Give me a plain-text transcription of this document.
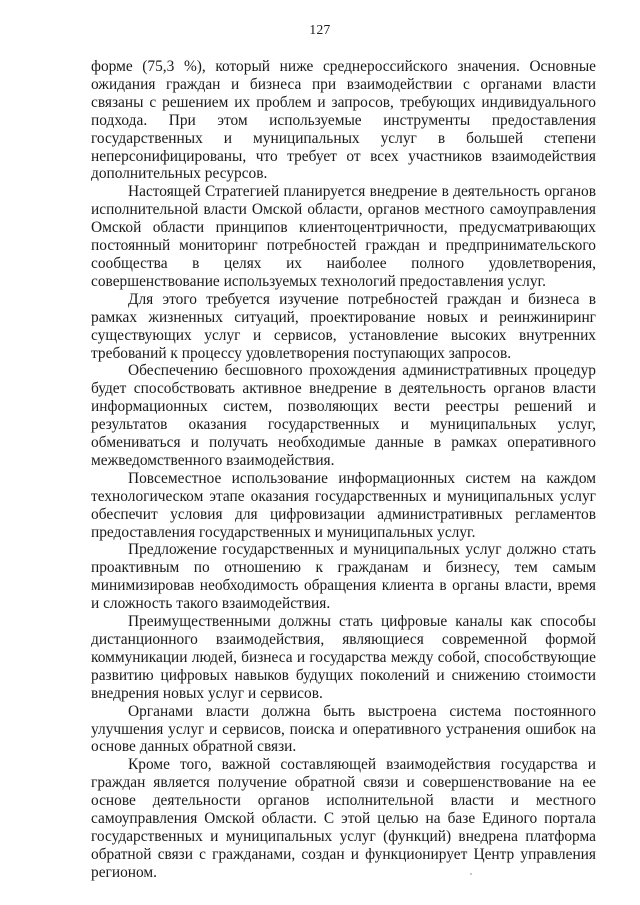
127

форме (75,3 %), который ниже среднероссийского значения. Основные ожидания граждан и бизнеса при взаимодействии с органами власти связаны с решением их проблем и запросов, требующих индивидуального подхода. При этом используемые инструменты предоставления государственных и муниципальных услуг в большей степени неперсонифицированы, что требует от всех участников взаимодействия дополнительных ресурсов.

Настоящей Стратегией планируется внедрение в деятельность органов исполнительной власти Омской области, органов местного самоуправления Омской области принципов клиентоцентричности, предусматривающих постоянный мониторинг потребностей граждан и предпринимательского сообщества в целях их наиболее полного удовлетворения, совершенствование используемых технологий предоставления услуг.

Для этого требуется изучение потребностей граждан и бизнеса в рамках жизненных ситуаций, проектирование новых и реинжиниринг существующих услуг и сервисов, установление высоких внутренних требований к процессу удовлетворения поступающих запросов.

Обеспечению бесшовного прохождения административных процедур будет способствовать активное внедрение в деятельность органов власти информационных систем, позволяющих вести реестры решений и результатов оказания государственных и муниципальных услуг, обмениваться и получать необходимые данные в рамках оперативного межведомственного взаимодействия.

Повсеместное использование информационных систем на каждом технологическом этапе оказания государственных и муниципальных услуг обеспечит условия для цифровизации административных регламентов предоставления государственных и муниципальных услуг.

Предложение государственных и муниципальных услуг должно стать проактивным по отношению к гражданам и бизнесу, тем самым минимизировав необходимость обращения клиента в органы власти, время и сложность такого взаимодействия.

Преимущественными должны стать цифровые каналы как способы дистанционного взаимодействия, являющиеся современной формой коммуникации людей, бизнеса и государства между собой, способствующие развитию цифровых навыков будущих поколений и снижению стоимости внедрения новых услуг и сервисов.

Органами власти должна быть выстроена система постоянного улучшения услуг и сервисов, поиска и оперативного устранения ошибок на основе данных обратной связи.

Кроме того, важной составляющей взаимодействия государства и граждан является получение обратной связи и совершенствование на ее основе деятельности органов исполнительной власти и местного самоуправления Омской области. С этой целью на базе Единого портала государственных и муниципальных услуг (функций) внедрена платформа обратной связи с гражданами, создан и функционирует Центр управления регионом.
